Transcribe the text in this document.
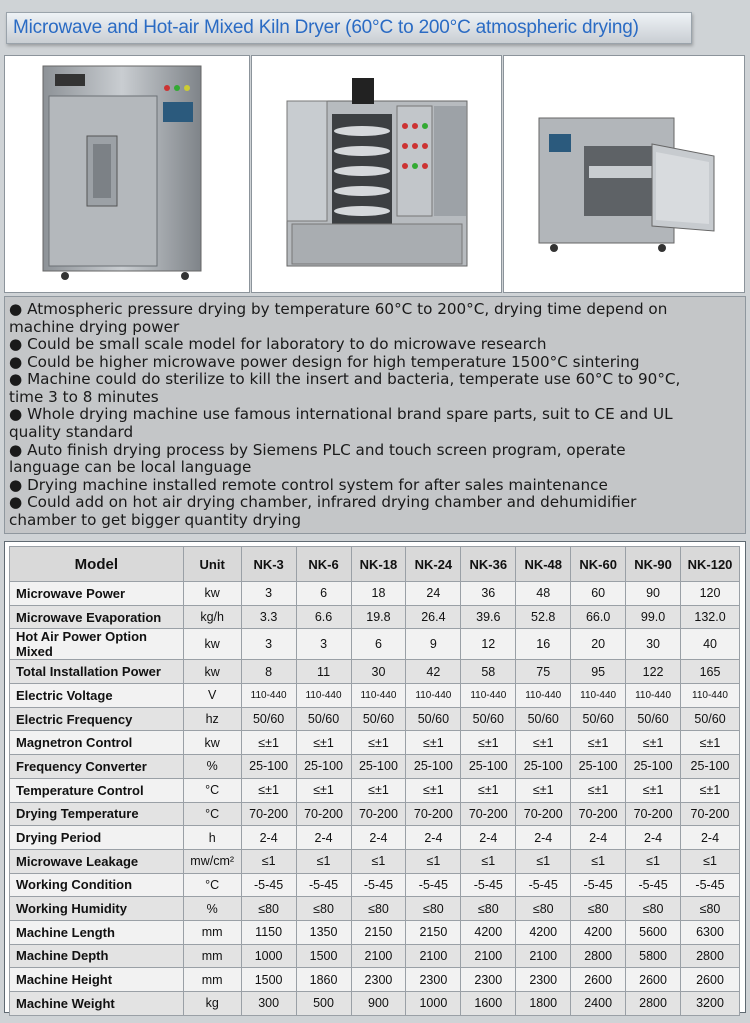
Microwave and Hot-air Mixed Kiln Dryer (60°C to 200°C atmospheric drying)
● Atmospheric pressure drying by temperature 60°C to 200°C, drying time depend on
machine drying power
● Could be small scale model for laboratory to do microwave research
● Could be higher microwave power design for high temperature 1500°C sintering
● Machine could do sterilize to kill the insert and bacteria, temperate use 60°C to 90°C,
time 3 to 8 minutes
● Whole drying machine use famous international brand spare parts, suit to CE and UL
quality standard
● Auto finish drying process by Siemens PLC and touch screen program, operate
language can be local language
● Drying machine installed remote control system for after sales maintenance
● Could add on hot air drying chamber, infrared drying chamber and dehumidifier
chamber to get bigger quantity drying
Model	Unit	NK-3	NK-6	NK-18	NK-24	NK-36	NK-48	NK-60	NK-90	NK-120
Microwave Power	kw	3	6	18	24	36	48	60	90	120
Microwave Evaporation	kg/h	3.3	6.6	19.8	26.4	39.6	52.8	66.0	99.0	132.0
Hot Air Power Option Mixed	kw	3	3	6	9	12	16	20	30	40
Total Installation Power	kw	8	11	30	42	58	75	95	122	165
Electric Voltage	V	110-440	110-440	110-440	110-440	110-440	110-440	110-440	110-440	110-440
Electric Frequency	hz	50/60	50/60	50/60	50/60	50/60	50/60	50/60	50/60	50/60
Magnetron Control	kw	≤±1	≤±1	≤±1	≤±1	≤±1	≤±1	≤±1	≤±1	≤±1
Frequency Converter	%	25-100	25-100	25-100	25-100	25-100	25-100	25-100	25-100	25-100
Temperature Control	°C	≤±1	≤±1	≤±1	≤±1	≤±1	≤±1	≤±1	≤±1	≤±1
Drying Temperature	°C	70-200	70-200	70-200	70-200	70-200	70-200	70-200	70-200	70-200
Drying Period	h	2-4	2-4	2-4	2-4	2-4	2-4	2-4	2-4	2-4
Microwave Leakage	mw/cm²	≤1	≤1	≤1	≤1	≤1	≤1	≤1	≤1	≤1
Working Condition	°C	-5-45	-5-45	-5-45	-5-45	-5-45	-5-45	-5-45	-5-45	-5-45
Working Humidity	%	≤80	≤80	≤80	≤80	≤80	≤80	≤80	≤80	≤80
Machine Length	mm	1150	1350	2150	2150	4200	4200	4200	5600	6300
Machine Depth	mm	1000	1500	2100	2100	2100	2100	2800	5800	2800
Machine Height	mm	1500	1860	2300	2300	2300	2300	2600	2600	2600
Machine Weight	kg	300	500	900	1000	1600	1800	2400	2800	3200
